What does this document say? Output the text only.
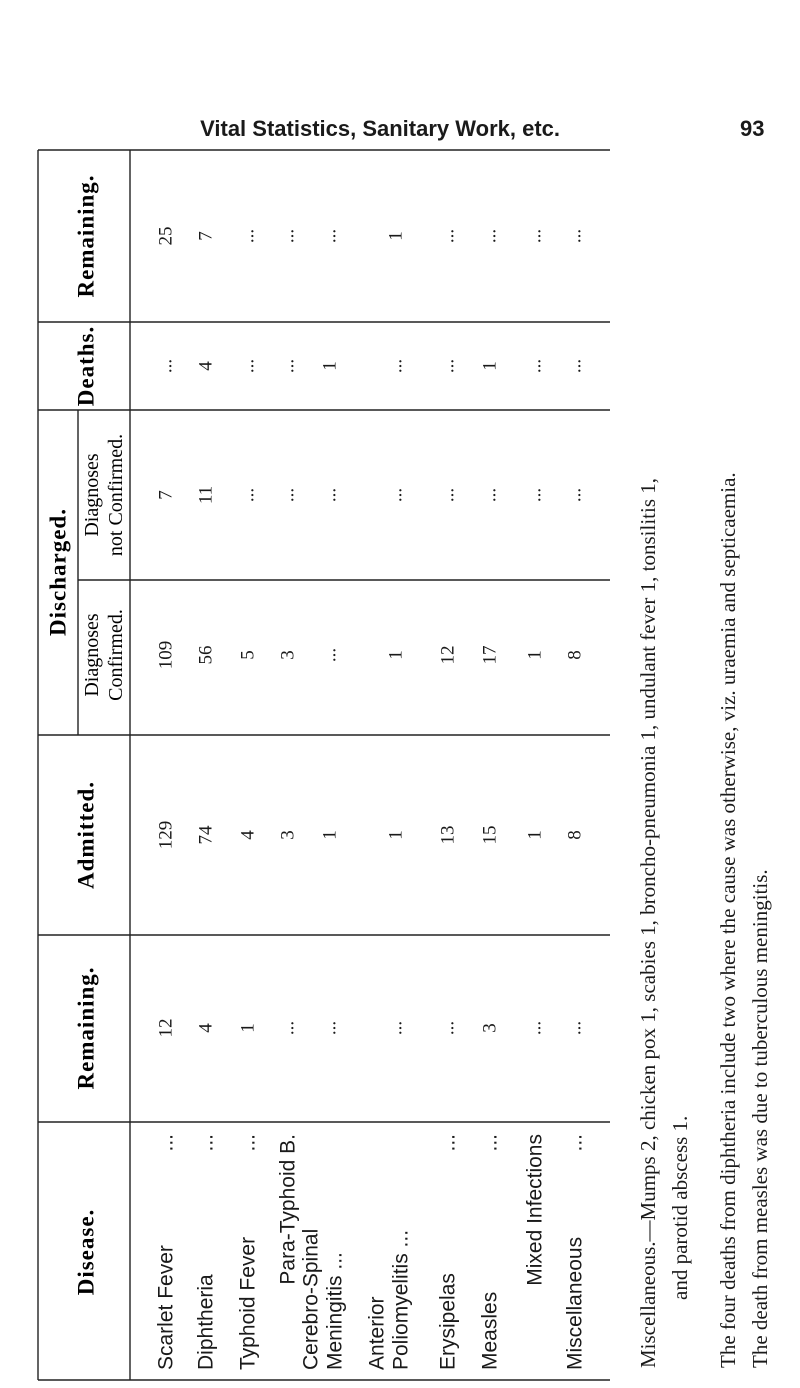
Vital Statistics, Sanitary Work, etc.	93
Disease.
Remaining.
Admitted.
Discharged.
Diagnoses Confirmed.
Diagnoses not Confirmed.
Deaths.
Remaining.
Scarlet Fever
...
12
129
109
7
...
25
Diphtheria
...
4
74
56
11
4
7
Typhoid Fever
...
1
4
5
...
...
...
Para-Typhoid B.
...
3
3
...
...
...
Cerebro-Spinal Meningitis ...
...
1
...
...
1
...
Anterior Poliomyelitis ...
...
1
1
...
...
1
Erysipelas
...
...
13
12
...
...
...
Measles
...
3
15
17
...
1
...
Mixed Infections
...
1
1
...
...
...
Miscellaneous
...
...
8
8
...
...
...
Miscellaneous.—Mumps 2, chicken pox 1, scabies 1, broncho-pneumonia 1, undulant fever 1, tonsilitis 1, and parotid abscess 1. The four deaths from diphtheria include two where the cause was otherwise, viz. uraemia and septicaemia. The death from measles was due to tuberculous meningitis.
